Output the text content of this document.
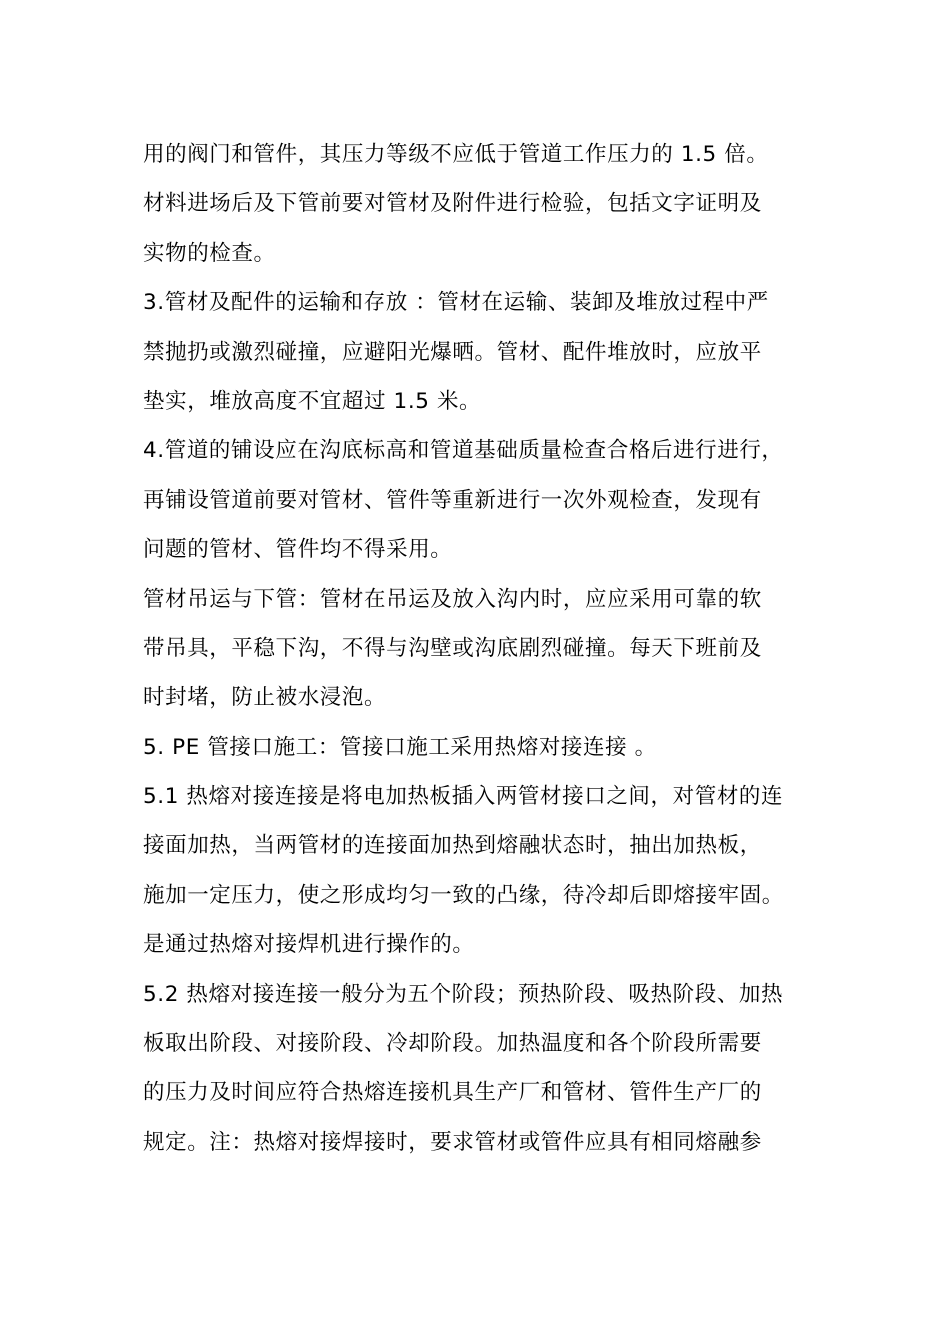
用的阀门和管件，其压力等级不应低于管道工作压力的 1.5 倍。
材料进场后及下管前要对管材及附件进行检验，包括文字证明及
实物的检查。
3.管材及配件的运输和存放 ：管材在运输、装卸及堆放过程中严
禁抛扔或激烈碰撞，应避阳光爆晒。管材、配件堆放时，应放平
垫实，堆放高度不宜超过 1.5 米。
4.管道的铺设应在沟底标高和管道基础质量检查合格后进行进行，
再铺设管道前要对管材、管件等重新进行一次外观检查，发现有
问题的管材、管件均不得采用。
管材吊运与下管：管材在吊运及放入沟内时，应应采用可靠的软
带吊具，平稳下沟，不得与沟壁或沟底剧烈碰撞。每天下班前及
时封堵，防止被水浸泡。
5. PE 管接口施工：管接口施工采用热熔对接连接 。
5.1 热熔对接连接是将电加热板插入两管材接口之间，对管材的连
接面加热，当两管材的连接面加热到熔融状态时，抽出加热板，
施加一定压力，使之形成均匀一致的凸缘，待冷却后即熔接牢固。
是通过热熔对接焊机进行操作的。
5.2 热熔对接连接一般分为五个阶段；预热阶段、吸热阶段、加热
板取出阶段、对接阶段、冷却阶段。加热温度和各个阶段所需要
的压力及时间应符合热熔连接机具生产厂和管材、管件生产厂的
规定。注：热熔对接焊接时，要求管材或管件应具有相同熔融参
